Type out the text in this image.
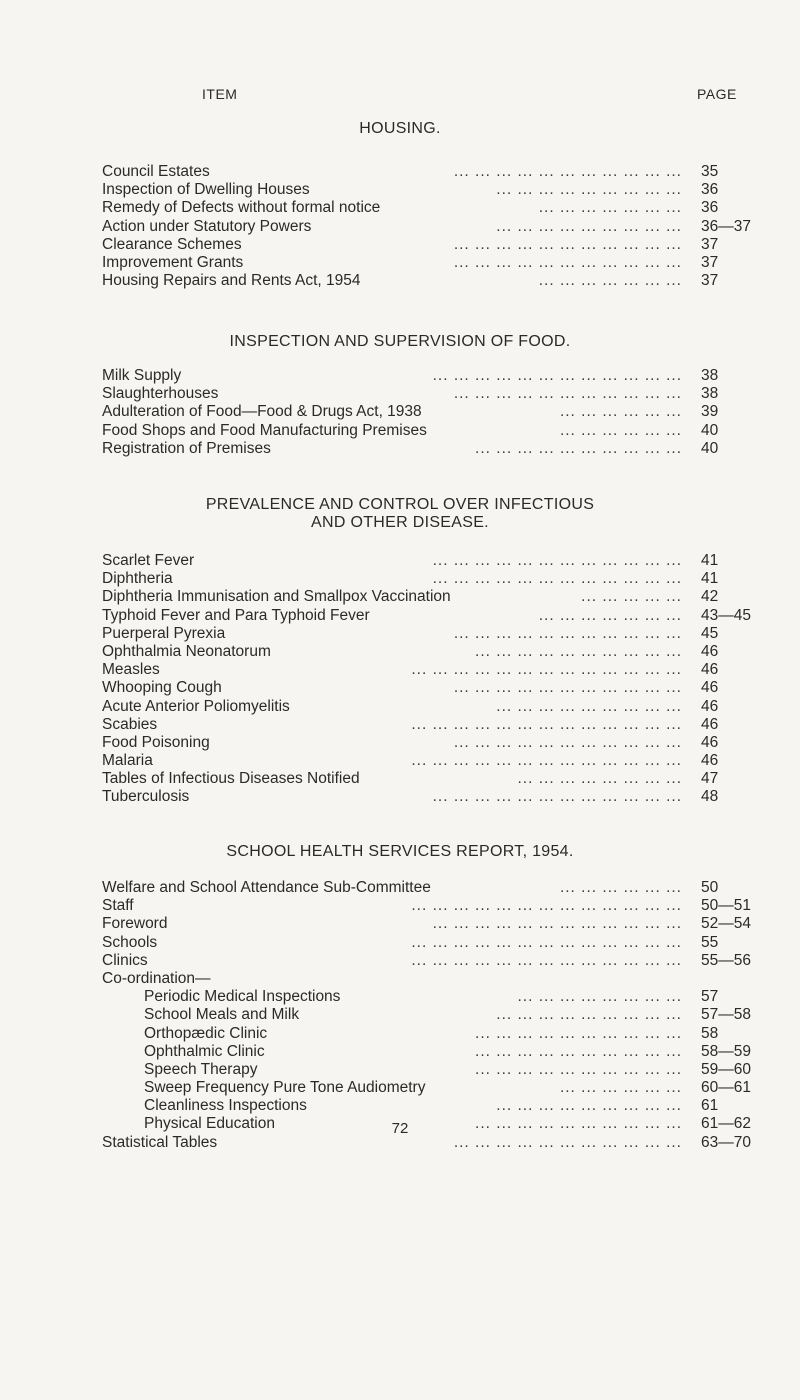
ITEM	PAGE
HOUSING.
Council Estates	... ... ... ... ... ... ... ... ... ... ... 35
Inspection of Dwelling Houses	... ... ... ... ... ... ... ... ... 36
Remedy of Defects without formal notice	... ... ... ... ... ... ... 36
Action under Statutory Powers	... ... ... ... ... ... ... ... ... 36—37
Clearance Schemes	... ... ... ... ... ... ... ... ... ... ... 37
Improvement Grants	... ... ... ... ... ... ... ... ... ... ... 37
Housing Repairs and Rents Act, 1954	... ... ... ... ... ... ... 37
INSPECTION AND SUPERVISION OF FOOD.
Milk Supply	... ... ... ... ... ... ... ... ... ... ... ... 38
Slaughterhouses	... ... ... ... ... ... ... ... ... ... ... 38
Adulteration of Food—Food & Drugs Act, 1938	... ... ... ... ... ... 39
Food Shops and Food Manufacturing Premises	... ... ... ... ... ... 40
Registration of Premises	... ... ... ... ... ... ... ... ... ... 40
PREVALENCE AND CONTROL OVER INFECTIOUS
AND OTHER DISEASE.
Scarlet Fever	... ... ... ... ... ... ... ... ... ... ... ... 41
Diphtheria	... ... ... ... ... ... ... ... ... ... ... ... 41
Diphtheria Immunisation and Smallpox Vaccination	... ... ... ... ... 42
Typhoid Fever and Para Typhoid Fever	... ... ... ... ... ... ... 43—45
Puerperal Pyrexia	... ... ... ... ... ... ... ... ... ... ... 45
Ophthalmia Neonatorum	... ... ... ... ... ... ... ... ... ... 46
Measles	... ... ... ... ... ... ... ... ... ... ... ... ... 46
Whooping Cough	... ... ... ... ... ... ... ... ... ... ... 46
Acute Anterior Poliomyelitis	... ... ... ... ... ... ... ... ... 46
Scabies	... ... ... ... ... ... ... ... ... ... ... ... ... 46
Food Poisoning	... ... ... ... ... ... ... ... ... ... ... 46
Malaria	... ... ... ... ... ... ... ... ... ... ... ... ... 46
Tables of Infectious Diseases Notified	... ... ... ... ... ... ... ... 47
Tuberculosis	... ... ... ... ... ... ... ... ... ... ... ... 48
SCHOOL HEALTH SERVICES REPORT, 1954.
Welfare and School Attendance Sub-Committee	... ... ... ... ... ... 50
Staff	... ... ... ... ... ... ... ... ... ... ... ... ... 50—51
Foreword	... ... ... ... ... ... ... ... ... ... ... ... 52—54
Schools	... ... ... ... ... ... ... ... ... ... ... ... ... 55
Clinics	... ... ... ... ... ... ... ... ... ... ... ... ... 55—56
Co-ordination—
Periodic Medical Inspections	... ... ... ... ... ... ... ... 57
School Meals and Milk	... ... ... ... ... ... ... ... ... 57—58
Orthopædic Clinic	... ... ... ... ... ... ... ... ... ... 58
Ophthalmic Clinic	... ... ... ... ... ... ... ... ... ... 58—59
Speech Therapy	... ... ... ... ... ... ... ... ... ... 59—60
Sweep Frequency Pure Tone Audiometry	... ... ... ... ... ... 60—61
Cleanliness Inspections	... ... ... ... ... ... ... ... ... 61
Physical Education	... ... ... ... ... ... ... ... ... ... 61—62
Statistical Tables	... ... ... ... ... ... ... ... ... ... ... 63—70
72
